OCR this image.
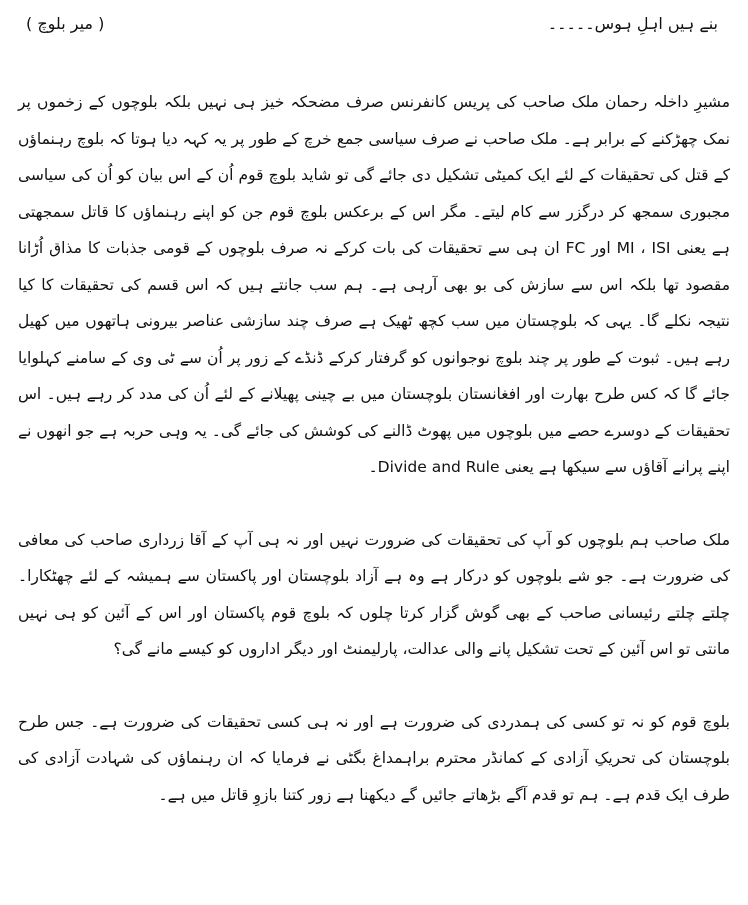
بنے ہیں اہلِ ہوس۔۔۔۔۔
( میر بلوچ )

مشیرِ داخلہ رحمان ملک صاحب کی پریس کانفرنس صرف مضحکہ خیز ہی نہیں بلکہ بلوچوں کے زخموں پر نمک چھڑکنے کے برابر ہے۔ ملک صاحب نے صرف سیاسی جمع خرچ کے طور پر یہ کہہ دیا ہوتا کہ بلوچ رہنماؤں کے قتل کی تحقیقات کے لئے ایک کمیٹی تشکیل دی جائے گی تو شاید بلوچ قوم اُن کے اس بیان کو اُن کی سیاسی مجبوری سمجھ کر درگزر سے کام لیتے۔ مگر اس کے برعکس بلوچ قوم جن کو اپنے رہنماؤں کا قاتل سمجھتی ہے یعنی MI ، ISI اور FC ان ہی سے تحقیقات کی بات کرکے نہ صرف بلوچوں کے قومی جذبات کا مذاق اُڑانا مقصود تھا بلکہ اس سے سازش کی بو بھی آرہی ہے۔ ہم سب جانتے ہیں کہ اس قسم کی تحقیقات کا کیا نتیجہ نکلے گا۔ یہی کہ بلوچستان میں سب کچھ ٹھیک ہے صرف چند سازشی عناصر بیرونی ہاتھوں میں کھیل رہے ہیں۔ ثبوت کے طور پر چند بلوچ نوجوانوں کو گرفتار کرکے ڈنڈے کے زور پر اُن سے ٹی وی کے سامنے کہلوایا جائے گا کہ کس طرح بھارت اور افغانستان بلوچستان میں بے چینی پھیلانے کے لئے اُن کی مدد کر رہے ہیں۔ اس تحقیقات کے دوسرے حصے میں بلوچوں میں پھوٹ ڈالنے کی کوشش کی جائے گی۔ یہ وہی حربہ ہے جو انھوں نے اپنے پرانے آقاؤں سے سیکھا ہے یعنی Divide and Rule۔

ملک صاحب ہم بلوچوں کو آپ کی تحقیقات کی ضرورت نہیں اور نہ ہی آپ کے آقا زرداری صاحب کی معافی کی ضرورت ہے۔ جو شے بلوچوں کو درکار ہے وہ ہے آزاد بلوچستان اور پاکستان سے ہمیشہ کے لئے چھٹکارا۔ چلتے چلتے رئیسانی صاحب کے بھی گوش گزار کرتا چلوں کہ بلوچ قوم پاکستان اور اس کے آئین کو ہی نہیں مانتی تو اس آئین کے تحت تشکیل پانے والی عدالت، پارلیمنٹ اور دیگر اداروں کو کیسے مانے گی؟

بلوچ قوم کو نہ تو کسی کی ہمدردی کی ضرورت ہے اور نہ ہی کسی تحقیقات کی ضرورت ہے۔ جس طرح بلوچستان کی تحریکِ آزادی کے کمانڈر محترم براہمداغ بگٹی نے فرمایا کہ ان رہنماؤں کی شہادت آزادی کی طرف ایک قدم ہے۔ ہم تو قدم آگے بڑھاتے جائیں گے دیکھنا ہے زور کتنا بازوِ قاتل میں ہے۔
